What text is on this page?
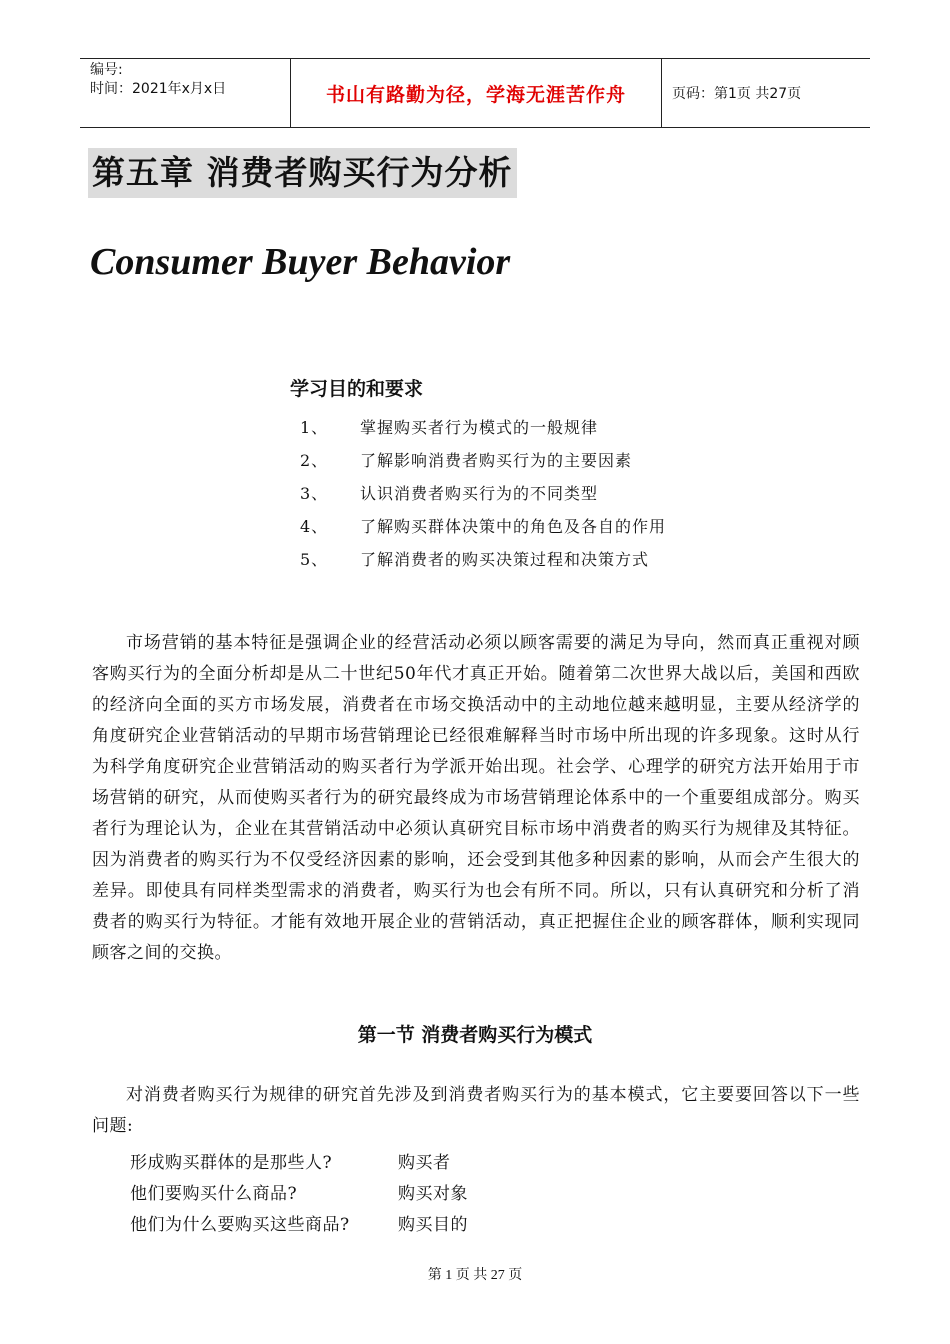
编号:
时间：2021年x月x日	书山有路勤为径，学海无涯苦作舟	页码：第1页 共27页
第五章 消费者购买行为分析
Consumer Buyer Behavior
学习目的和要求
1、	掌握购买者行为模式的一般规律
2、	了解影响消费者购买行为的主要因素
3、	认识消费者购买行为的不同类型
4、	了解购买群体决策中的角色及各自的作用
5、	了解消费者的购买决策过程和决策方式
市场营销的基本特征是强调企业的经营活动必须以顾客需要的满足为导向，然而真正重视对顾客购买行为的全面分析却是从二十世纪50年代才真正开始。随着第二次世界大战以后，美国和西欧的经济向全面的买方市场发展，消费者在市场交换活动中的主动地位越来越明显，主要从经济学的角度研究企业营销活动的早期市场营销理论已经很难解释当时市场中所出现的许多现象。这时从行为科学角度研究企业营销活动的购买者行为学派开始出现。社会学、心理学的研究方法开始用于市场营销的研究，从而使购买者行为的研究最终成为市场营销理论体系中的一个重要组成部分。购买者行为理论认为，企业在其营销活动中必须认真研究目标市场中消费者的购买行为规律及其特征。因为消费者的购买行为不仅受经济因素的影响，还会受到其他多种因素的影响，从而会产生很大的差异。即使具有同样类型需求的消费者，购买行为也会有所不同。所以，只有认真研究和分析了消费者的购买行为特征。才能有效地开展企业的营销活动，真正把握住企业的顾客群体，顺利实现同顾客之间的交换。
第一节 消费者购买行为模式
对消费者购买行为规律的研究首先涉及到消费者购买行为的基本模式，它主要要回答以下一些问题:
形成购买群体的是那些人?	购买者
他们要购买什么商品?	购买对象
他们为什么要购买这些商品?	购买目的
第 1 页 共 27 页
